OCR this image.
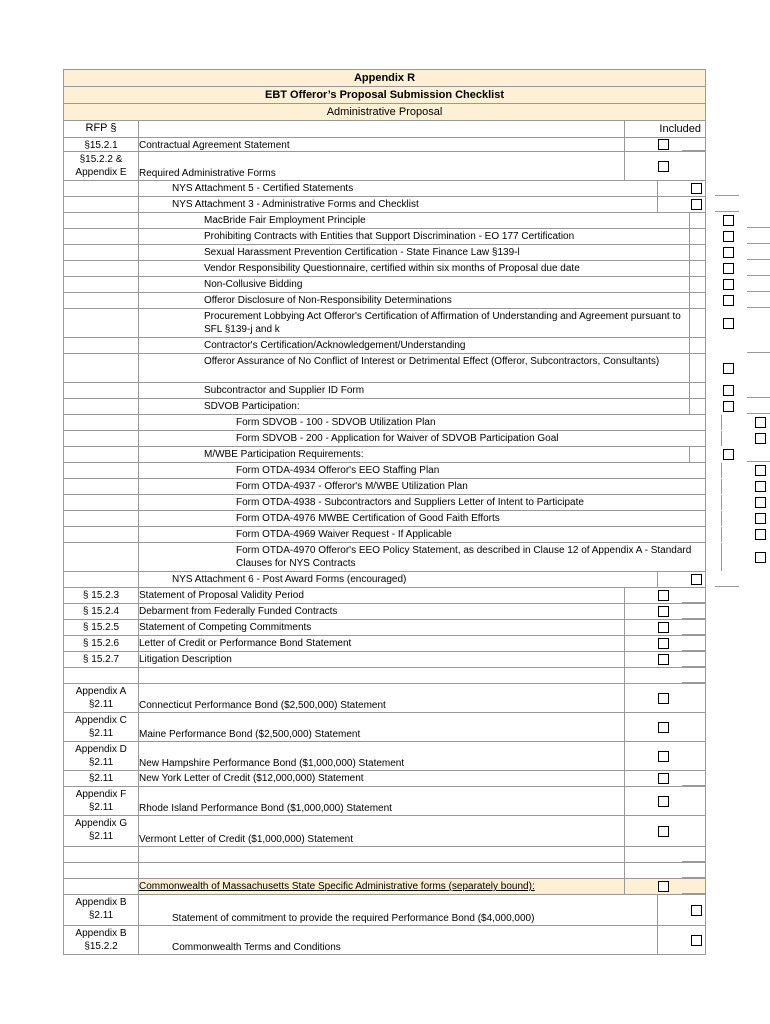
Appendix R
EBT Offeror’s Proposal Submission Checklist
Administrative Proposal
RFP §	Included
§15.2.1	Contractual Agreement Statement
§15.2.2 & Appendix E	Required Administrative Forms
NYS Attachment 5 - Certified Statements
NYS Attachment 3 - Administrative Forms and Checklist
MacBride Fair Employment Principle
Prohibiting Contracts with Entities that Support Discrimination - EO 177 Certification
Sexual Harassment Prevention Certification - State Finance Law §139-l
Vendor Responsibility Questionnaire, certified within six months of Proposal due date
Non-Collusive Bidding
Offeror Disclosure of Non-Responsibility Determinations
Procurement Lobbying Act Offeror's Certification of Affirmation of Understanding and Agreement pursuant to SFL §139-j and k
Contractor's Certification/Acknowledgement/Understanding
Offeror Assurance of No Conflict of Interest or Detrimental Effect (Offeror, Subcontractors, Consultants)
Subcontractor and Supplier ID Form
SDVOB Participation:
Form SDVOB - 100 - SDVOB Utilization Plan
Form SDVOB - 200 - Application for Waiver of SDVOB Participation Goal
M/WBE Participation Requirements:
Form OTDA-4934 Offeror's EEO Staffing Plan
Form OTDA-4937 - Offeror's M/WBE Utilization Plan
Form OTDA-4938 - Subcontractors and Suppliers Letter of Intent to Participate
Form OTDA-4976 MWBE Certification of Good Faith Efforts
Form OTDA-4969 Waiver Request - If Applicable
Form OTDA-4970 Offeror's EEO Policy Statement, as described in Clause 12 of Appendix A - Standard Clauses for NYS Contracts
NYS Attachment 6 - Post Award Forms (encouraged)
§ 15.2.3	Statement of Proposal Validity Period
§ 15.2.4	Debarment from Federally Funded Contracts
§ 15.2.5	Statement of Competing Commitments
§ 15.2.6	Letter of Credit or Performance Bond Statement
§ 15.2.7	Litigation Description
Appendix A §2.11	Connecticut Performance Bond ($2,500,000) Statement
Appendix C §2.11	Maine Performance Bond ($2,500,000) Statement
Appendix D §2.11	New Hampshire Performance Bond ($1,000,000) Statement
§2.11	New York Letter of Credit ($12,000,000) Statement
Appendix F §2.11	Rhode Island Performance Bond ($1,000,000) Statement
Appendix G §2.11	Vermont Letter of Credit ($1,000,000) Statement
Commonwealth of Massachusetts State Specific Administrative forms (separately bound):
Appendix B §2.11	Statement of commitment to provide the required Performance Bond ($4,000,000)
Appendix B §15.2.2	Commonwealth Terms and Conditions
